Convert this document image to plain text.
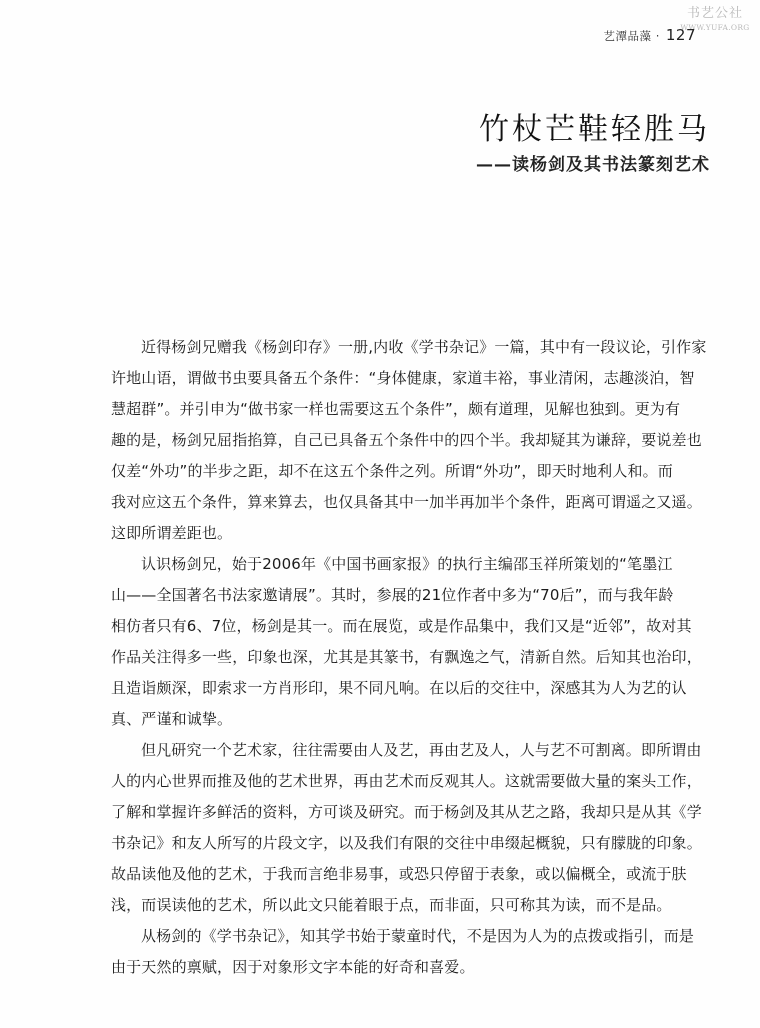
书艺公社
WWW.YUFA.ORG
艺潭品藻 · 127
竹杖芒鞋轻胜马
——读杨剑及其书法篆刻艺术

近得杨剑兄赠我《杨剑印存》一册,内收《学书杂记》一篇，其中有一段议论，引作家
许地山语，谓做书虫要具备五个条件：“身体健康，家道丰裕，事业清闲，志趣淡泊，智
慧超群”。并引申为“做书家一样也需要这五个条件”，颇有道理，见解也独到。更为有
趣的是，杨剑兄屈指掐算，自己已具备五个条件中的四个半。我却疑其为谦辞，要说差也
仅差“外功”的半步之距，却不在这五个条件之列。所谓“外功”，即天时地利人和。而
我对应这五个条件，算来算去，也仅具备其中一加半再加半个条件，距离可谓遥之又遥。
这即所谓差距也。

认识杨剑兄，始于2006年《中国书画家报》的执行主编邵玉祥所策划的“笔墨江
山——全国著名书法家邀请展”。其时，参展的21位作者中多为“70后”，而与我年龄
相仿者只有6、7位，杨剑是其一。而在展览，或是作品集中，我们又是“近邻”，故对其
作品关注得多一些，印象也深，尤其是其篆书，有飘逸之气，清新自然。后知其也治印，
且造诣颇深，即索求一方肖形印，果不同凡响。在以后的交往中，深感其为人为艺的认
真、严谨和诚挚。

但凡研究一个艺术家，往往需要由人及艺，再由艺及人，人与艺不可割离。即所谓由
人的内心世界而推及他的艺术世界，再由艺术而反观其人。这就需要做大量的案头工作，
了解和掌握许多鲜活的资料，方可谈及研究。而于杨剑及其从艺之路，我却只是从其《学
书杂记》和友人所写的片段文字，以及我们有限的交往中串缀起概貌，只有朦胧的印象。
故品读他及他的艺术，于我而言绝非易事，或恐只停留于表象，或以偏概全，或流于肤
浅，而误读他的艺术，所以此文只能着眼于点，而非面，只可称其为读，而不是品。

从杨剑的《学书杂记》，知其学书始于蒙童时代，不是因为人为的点拨或指引，而是
由于天然的禀赋，因于对象形文字本能的好奇和喜爱。
